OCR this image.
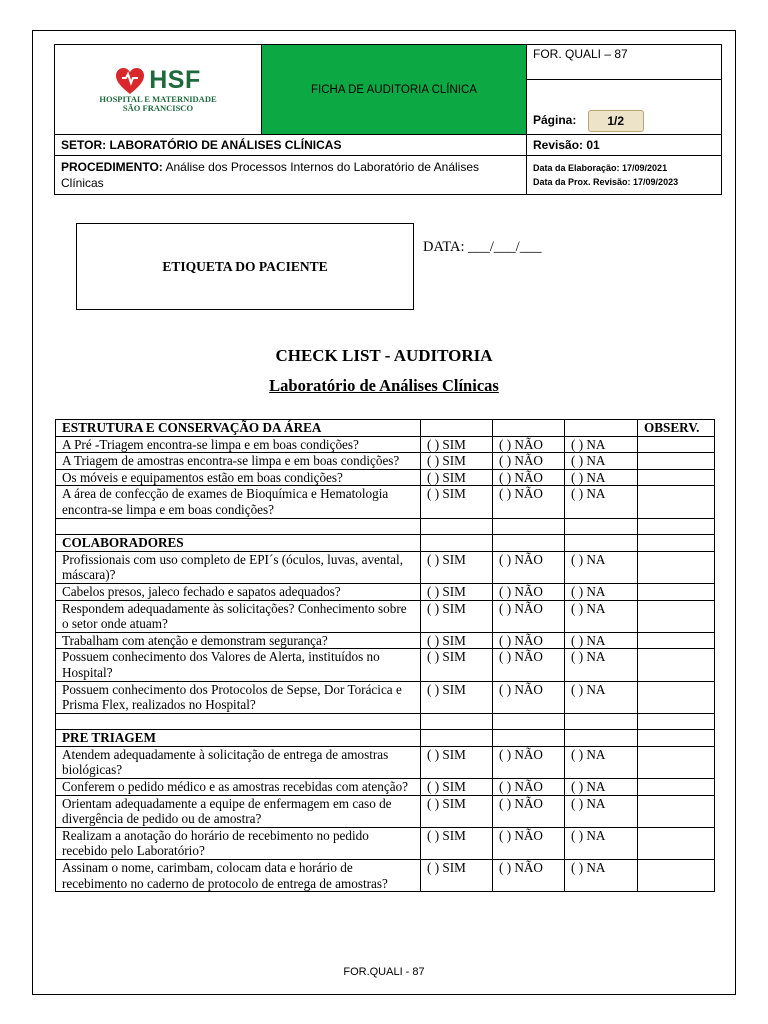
HSF
HOSPITAL E MATERNIDADE
SÃO FRANCISCO	FICHA DE AUDITORIA CLÍNICA	FOR. QUALI – 87
		Página: 1/2
SETOR: LABORATÓRIO DE ANÁLISES CLÍNICAS		Revisão: 01
PROCEDIMENTO: Análise dos Processos Internos do Laboratório de Análises Clínicas		Data da Elaboração: 17/09/2021
Data da Prox. Revisão: 17/09/2023
ETIQUETA DO PACIENTE
DATA: ___/___/___
CHECK LIST - AUDITORIA
Laboratório de Análises Clínicas
ESTRUTURA E CONSERVAÇÃO DA ÁREA				OBSERV.
A Pré -Triagem encontra-se limpa e em boas condições?	( ) SIM	( ) NÃO	( ) NA	
A Triagem de amostras encontra-se limpa e em boas condições?	( ) SIM	( ) NÃO	( ) NA	
Os móveis e equipamentos estão em boas condições?	( ) SIM	( ) NÃO	( ) NA	
A área de confecção de exames de Bioquímica e Hematologia encontra-se limpa e em boas condições?	( ) SIM	( ) NÃO	( ) NA	

COLABORADORES				
Profissionais com uso completo de EPI´s (óculos, luvas, avental, máscara)?	( ) SIM	( ) NÃO	( ) NA	
Cabelos presos, jaleco fechado e sapatos adequados?	( ) SIM	( ) NÃO	( ) NA	
Respondem adequadamente às solicitações? Conhecimento sobre o setor onde atuam?	( ) SIM	( ) NÃO	( ) NA	
Trabalham com atenção e demonstram segurança?	( ) SIM	( ) NÃO	( ) NA	
Possuem conhecimento dos Valores de Alerta, instituídos no Hospital?	( ) SIM	( ) NÃO	( ) NA	
Possuem conhecimento dos Protocolos de Sepse, Dor Torácica e Prisma Flex, realizados no Hospital?	( ) SIM	( ) NÃO	( ) NA	

PRE TRIAGEM				
Atendem adequadamente à solicitação de entrega de amostras biológicas?	( ) SIM	( ) NÃO	( ) NA	
Conferem o pedido médico e as amostras recebidas com atenção?	( ) SIM	( ) NÃO	( ) NA	
Orientam adequadamente a equipe de enfermagem em caso de divergência de pedido ou de amostra?	( ) SIM	( ) NÃO	( ) NA	
Realizam a anotação do horário de recebimento no pedido recebido pelo Laboratório?	( ) SIM	( ) NÃO	( ) NA	
Assinam o nome, carimbam, colocam data e horário de recebimento no caderno de protocolo de entrega de amostras?	( ) SIM	( ) NÃO	( ) NA	
FOR.QUALI - 87
